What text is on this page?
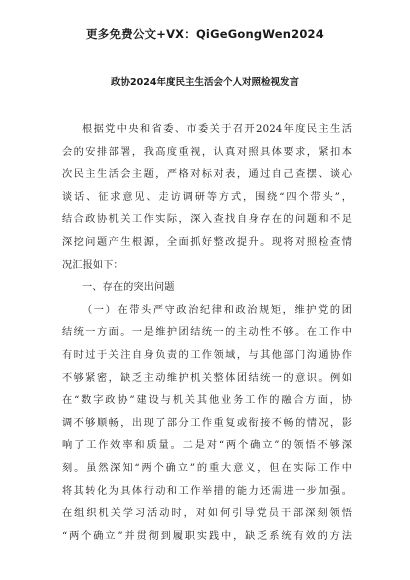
更多免费公文+VX：QiGeGongWen2024
政协2024年度民主生活会个人对照检视发言
根据党中央和省委、市委关于召开2024年度民主生活
会的安排部署，我高度重视，认真对照具体要求，紧扣本
次民主生活会主题，严格对标对表，通过自己查摆、谈心
谈话、征求意见、走访调研等方式，围绕“四个带头”，
结合政协机关工作实际，深入查找自身存在的问题和不足
深挖问题产生根源，全面抓好整改提升。现将对照检查情
况汇报如下：
一、存在的突出问题
（一）在带头严守政治纪律和政治规矩，维护党的团
结统一方面。一是维护团结统一的主动性不够。在工作中
有时过于关注自身负责的工作领域，与其他部门沟通协作
不够紧密，缺乏主动维护机关整体团结统一的意识。例如
在“数字政协”建设与机关其他业务工作的融合方面，协
调不够顺畅，出现了部分工作重复或衔接不畅的情况，影
响了工作效率和质量。二是对“两个确立”的领悟不够深
刻。虽然深知“两个确立”的重大意义，但在实际工作中
将其转化为具体行动和工作举措的能力还需进一步加强。
在组织机关学习活动时，对如何引导党员干部深刻领悟
“两个确立”并贯彻到履职实践中，缺乏系统有效的方法
